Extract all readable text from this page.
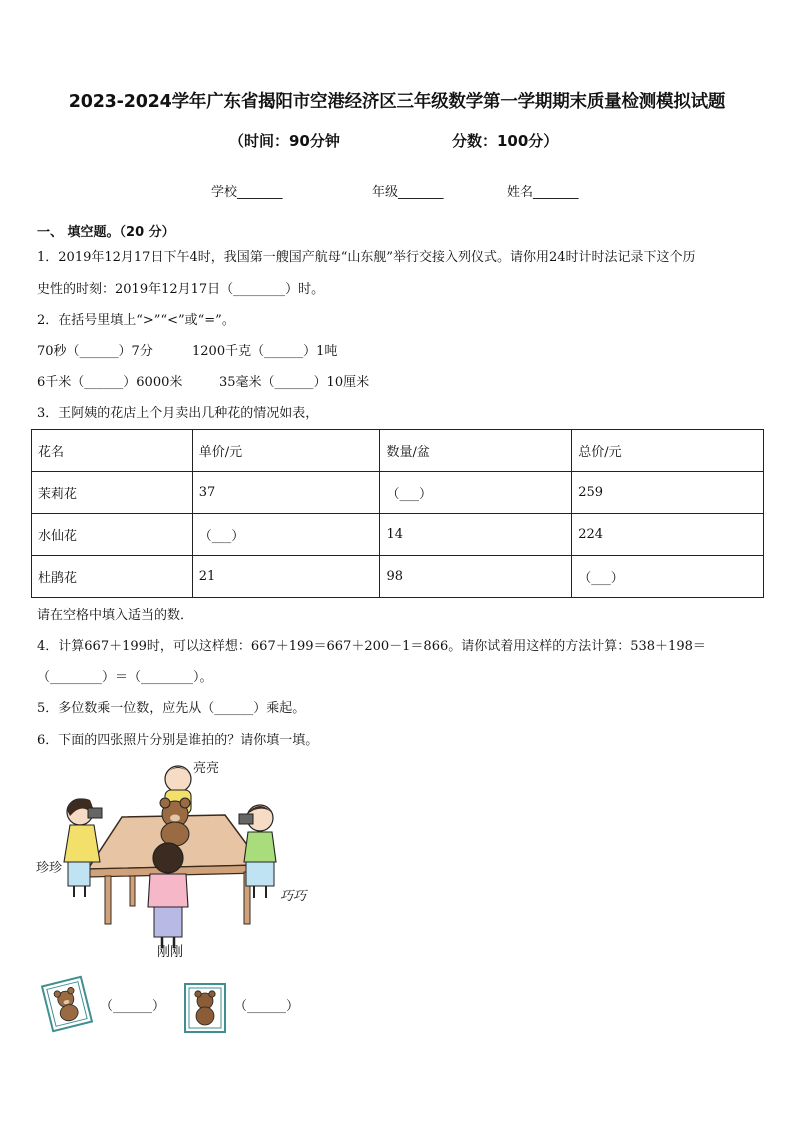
2023-2024学年广东省揭阳市空港经济区三年级数学第一学期期末质量检测模拟试题
（时间：90分钟	分数：100分）
学校_______	年级_______	姓名_______
一、 填空题。（20 分）
1．2019年12月17日下午4时，我国第一艘国产航母“山东舰”举行交接入列仪式。请你用24时计时法记录下这个历
史性的时刻：2019年12月17日（________）时。
2．在括号里填上“>”“<”或“=”。
70秒（______）7分	1200千克（______）1吨
6千米（______）6000米	35毫米（______）10厘米
3．王阿姨的花店上个月卖出几种花的情况如表，
花名	单价/元	数量/盆	总价/元
茉莉花	37	（___）	259
水仙花	（___）	14	224
杜鹃花	21	98	（___）
请在空格中填入适当的数．
4．计算667＋199时，可以这样想：667＋199＝667＋200－1＝866。请你试着用这样的方法计算：538＋198＝
（________）＝（________）。
5．多位数乘一位数，应先从（______）乘起。
6．下面的四张照片分别是谁拍的？请你填一填。
亮亮
珍珍
巧巧
刚刚
（______）	（______）
